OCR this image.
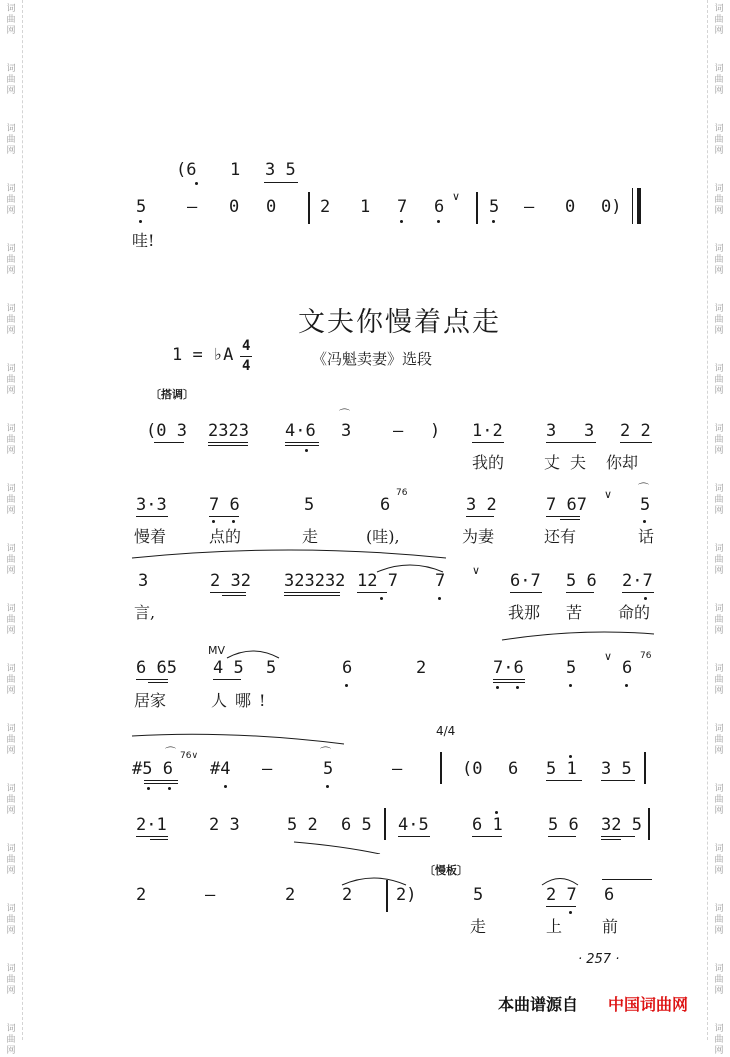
词
曲
网
词
曲
网
词
曲
网
词
曲
网
词
曲
网
词
曲
网
词
曲
网
词
曲
网
词
曲
网
词
曲
网
词
曲
网
词
曲
网
词
曲
网
词
曲
网
词
曲
网
词
曲
网
词
曲
网
词
曲
网
词
曲
网
词
曲
网
词
曲
网
词
曲
网
词
曲
网
词
曲
网
词
曲
网
词
曲
网
词
曲
网
词
曲
网
词
曲
网
词
曲
网
词
曲
网
词
曲
网
词
曲
网
词
曲
网
词
曲
网
词
曲
网
(6 1 3 5
5 — 0 0	2 1 7 6
∨
5 — 0 0)
哇!
文夫你慢着点走
1 = ♭A 4
4	《冯魁卖妻》选段
〔搭调〕
(0 3 2323 4·6 3
⌒
— ) 1·2	3 3 2 2
我的 丈夫 你却
3·3 7 6	5	6
76
3 2	7 67
∨
5
⌒
慢着	点的	走	(哇),	为妻	还有	话
3	2 32 323232 12 7 7
∨
6·7 5 6 2·7
言,	我那 苦 命的
6 65
MV
4 5 5	6	2	7·6 5
∨
6
76
居家	人哪!
4/4
#5 6
⌒ 76∨
#4 —	5
⌒
—	(0 6 5 1 3 5
2·1 2 3	5 2 6 5 4·5	6 1	5 6 32 5
〔慢板〕
2	—	2	2	2)	5	2 7 6
走	上 前
· 257 ·
本曲谱源自 中国词曲网
